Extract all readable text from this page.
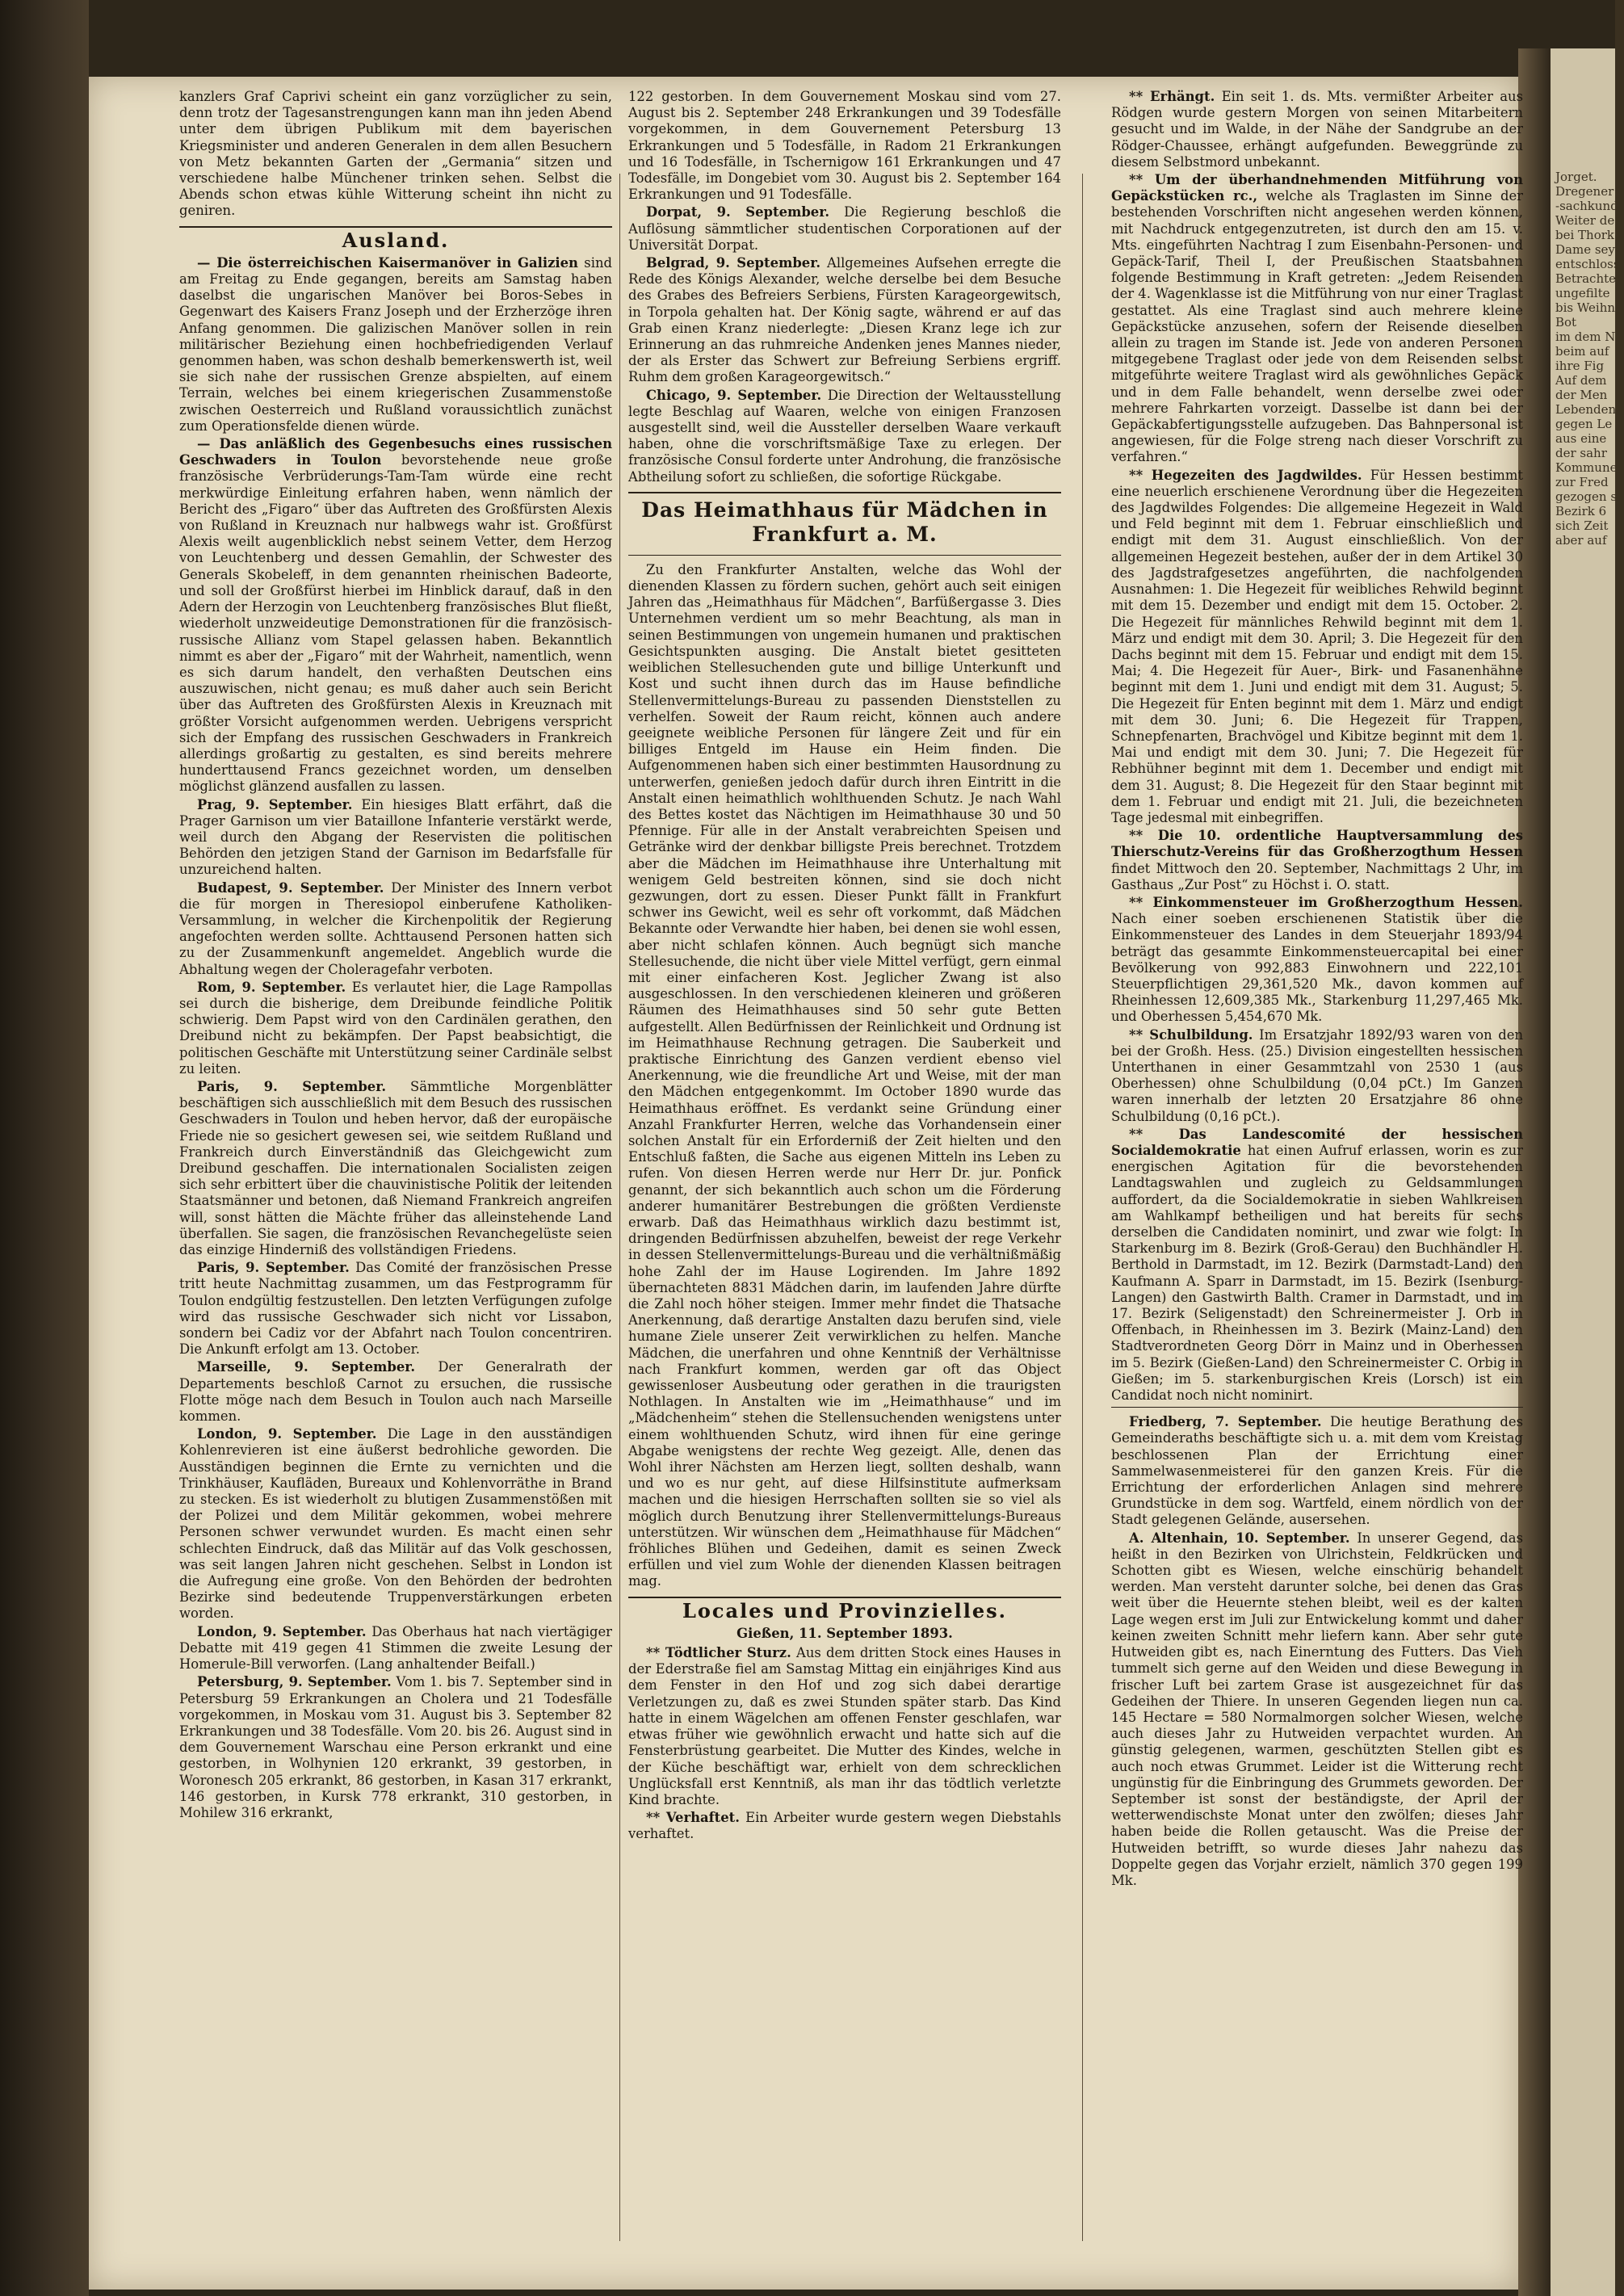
Jorget.

Dregener

-sachkund

Weiter de

bei Thork

Dame sey

entschloss

Betrachten

ungefilte

bis Weihn

Bot

im dem N

beim auf

ihre Fig

Auf dem

der Men

Lebenden

gegen Le

aus eine

der sahr

Kommune

zur Fred

gezogen s

Bezirk 6

sich Zeit

aber auf

kanzlers Graf Caprivi scheint ein ganz vorzüglicher zu sein, denn trotz der Tagesanstrengungen kann man ihn jeden Abend unter dem übrigen Publikum mit dem bayerischen Kriegsminister und anderen Generalen in dem allen Besuchern von Metz bekannten Garten der „Germania“ sitzen und verschiedene halbe Münchener trinken sehen. Selbst die Abends schon etwas kühle Witterung scheint ihn nicht zu geniren.

Ausland.

— Die österreichischen Kaisermanöver in Galizien sind am Freitag zu Ende gegangen, bereits am Samstag haben daselbst die ungarischen Manöver bei Boros-Sebes in Gegenwart des Kaisers Franz Joseph und der Erzherzöge ihren Anfang genommen. Die galizischen Manöver sollen in rein militärischer Beziehung einen hochbefriedigenden Verlauf genommen haben, was schon deshalb bemerkenswerth ist, weil sie sich nahe der russischen Grenze abspielten, auf einem Terrain, welches bei einem kriegerischen Zusammenstoße zwischen Oesterreich und Rußland voraussichtlich zunächst zum Operationsfelde dienen würde.

— Das anläßlich des Gegenbesuchs eines russischen Geschwaders in Toulon bevorstehende neue große französische Verbrüderungs-Tam-Tam würde eine recht merkwürdige Einleitung erfahren haben, wenn nämlich der Bericht des „Figaro“ über das Auftreten des Großfürsten Alexis von Rußland in Kreuznach nur halbwegs wahr ist. Großfürst Alexis weilt augenblicklich nebst seinem Vetter, dem Herzog von Leuchtenberg und dessen Gemahlin, der Schwester des Generals Skobeleff, in dem genannten rheinischen Badeorte, und soll der Großfürst hierbei im Hinblick darauf, daß in den Adern der Herzogin von Leuchtenberg französisches Blut fließt, wiederholt unzweideutige Demonstrationen für die französisch-russische Allianz vom Stapel gelassen haben. Bekanntlich nimmt es aber der „Figaro“ mit der Wahrheit, namentlich, wenn es sich darum handelt, den verhaßten Deutschen eins auszuwischen, nicht genau; es muß daher auch sein Bericht über das Auftreten des Großfürsten Alexis in Kreuznach mit größter Vorsicht aufgenommen werden. Uebrigens verspricht sich der Empfang des russischen Geschwaders in Frankreich allerdings großartig zu gestalten, es sind bereits mehrere hunderttausend Francs gezeichnet worden, um denselben möglichst glänzend ausfallen zu lassen.

Prag, 9. September. Ein hiesiges Blatt erfährt, daß die Prager Garnison um vier Bataillone Infanterie verstärkt werde, weil durch den Abgang der Reservisten die politischen Behörden den jetzigen Stand der Garnison im Bedarfsfalle für unzureichend halten.

Budapest, 9. September. Der Minister des Innern verbot die für morgen in Theresiopol einberufene Katholiken-Versammlung, in welcher die Kirchenpolitik der Regierung angefochten werden sollte. Achttausend Personen hatten sich zu der Zusammenkunft angemeldet. Angeblich wurde die Abhaltung wegen der Choleragefahr verboten.

Rom, 9. September. Es verlautet hier, die Lage Rampollas sei durch die bisherige, dem Dreibunde feindliche Politik schwierig. Dem Papst wird von den Cardinälen gerathen, den Dreibund nicht zu bekämpfen. Der Papst beabsichtigt, die politischen Geschäfte mit Unterstützung seiner Cardinäle selbst zu leiten.

Paris, 9. September. Sämmtliche Morgenblätter beschäftigen sich ausschließlich mit dem Besuch des russischen Geschwaders in Toulon und heben hervor, daß der europäische Friede nie so gesichert gewesen sei, wie seitdem Rußland und Frankreich durch Einverständniß das Gleichgewicht zum Dreibund geschaffen. Die internationalen Socialisten zeigen sich sehr erbittert über die chauvinistische Politik der leitenden Staatsmänner und betonen, daß Niemand Frankreich angreifen will, sonst hätten die Mächte früher das alleinstehende Land überfallen. Sie sagen, die französischen Revanchegelüste seien das einzige Hinderniß des vollständigen Friedens.

Paris, 9. September. Das Comité der französischen Presse tritt heute Nachmittag zusammen, um das Festprogramm für Toulon endgültig festzustellen. Den letzten Verfügungen zufolge wird das russische Geschwader sich nicht vor Lissabon, sondern bei Cadiz vor der Abfahrt nach Toulon concentriren. Die Ankunft erfolgt am 13. October.

Marseille, 9. September. Der Generalrath der Departements beschloß Carnot zu ersuchen, die russische Flotte möge nach dem Besuch in Toulon auch nach Marseille kommen.

London, 9. September. Die Lage in den ausständigen Kohlenrevieren ist eine äußerst bedrohliche geworden. Die Ausständigen beginnen die Ernte zu vernichten und die Trinkhäuser, Kaufläden, Bureaux und Kohlenvorräthe in Brand zu stecken. Es ist wiederholt zu blutigen Zusammenstößen mit der Polizei und dem Militär gekommen, wobei mehrere Personen schwer verwundet wurden. Es macht einen sehr schlechten Eindruck, daß das Militär auf das Volk geschossen, was seit langen Jahren nicht geschehen. Selbst in London ist die Aufregung eine große. Von den Behörden der bedrohten Bezirke sind bedeutende Truppenverstärkungen erbeten worden.

London, 9. September. Das Oberhaus hat nach viertägiger Debatte mit 419 gegen 41 Stimmen die zweite Lesung der Homerule-Bill verworfen. (Lang anhaltender Beifall.)

Petersburg, 9. September. Vom 1. bis 7. September sind in Petersburg 59 Erkrankungen an Cholera und 21 Todesfälle vorgekommen, in Moskau vom 31. August bis 3. September 82 Erkrankungen und 38 Todesfälle. Vom 20. bis 26. August sind in dem Gouvernement Warschau eine Person erkrankt und eine gestorben, in Wolhynien 120 erkrankt, 39 gestorben, in Woronesch 205 erkrankt, 86 gestorben, in Kasan 317 erkrankt, 146 gestorben, in Kursk 778 erkrankt, 310 gestorben, in Mohilew 316 erkrankt,

122 gestorben. In dem Gouvernement Moskau sind vom 27. August bis 2. September 248 Erkrankungen und 39 Todesfälle vorgekommen, in dem Gouvernement Petersburg 13 Erkrankungen und 5 Todesfälle, in Radom 21 Erkrankungen und 16 Todesfälle, in Tschernigow 161 Erkrankungen und 47 Todesfälle, im Dongebiet vom 30. August bis 2. September 164 Erkrankungen und 91 Todesfälle.

Dorpat, 9. September. Die Regierung beschloß die Auflösung sämmtlicher studentischen Corporationen auf der Universität Dorpat.

Belgrad, 9. September. Allgemeines Aufsehen erregte die Rede des Königs Alexander, welche derselbe bei dem Besuche des Grabes des Befreiers Serbiens, Fürsten Karageorgewitsch, in Torpola gehalten hat. Der König sagte, während er auf das Grab einen Kranz niederlegte: „Diesen Kranz lege ich zur Erinnerung an das ruhmreiche Andenken jenes Mannes nieder, der als Erster das Schwert zur Befreiung Serbiens ergriff. Ruhm dem großen Karageorgewitsch.“

Chicago, 9. September. Die Direction der Weltausstellung legte Beschlag auf Waaren, welche von einigen Franzosen ausgestellt sind, weil die Aussteller derselben Waare verkauft haben, ohne die vorschriftsmäßige Taxe zu erlegen. Der französische Consul forderte unter Androhung, die französische Abtheilung sofort zu schließen, die sofortige Rückgabe.

Das Heimathhaus für Mädchen in Frankfurt a. M.

Zu den Frankfurter Anstalten, welche das Wohl der dienenden Klassen zu fördern suchen, gehört auch seit einigen Jahren das „Heimathhaus für Mädchen“, Barfüßergasse 3. Dies Unternehmen verdient um so mehr Beachtung, als man in seinen Bestimmungen von ungemein humanen und praktischen Gesichtspunkten ausging. Die Anstalt bietet gesitteten weiblichen Stellesuchenden gute und billige Unterkunft und Kost und sucht ihnen durch das im Hause befindliche Stellenvermittelungs-Bureau zu passenden Dienststellen zu verhelfen. Soweit der Raum reicht, können auch andere geeignete weibliche Personen für längere Zeit und für ein billiges Entgeld im Hause ein Heim finden. Die Aufgenommenen haben sich einer bestimmten Hausordnung zu unterwerfen, genießen jedoch dafür durch ihren Eintritt in die Anstalt einen heimathlich wohlthuenden Schutz. Je nach Wahl des Bettes kostet das Nächtigen im Heimathhause 30 und 50 Pfennige. Für alle in der Anstalt verabreichten Speisen und Getränke wird der denkbar billigste Preis berechnet. Trotzdem aber die Mädchen im Heimathhause ihre Unterhaltung mit wenigem Geld bestreiten können, sind sie doch nicht gezwungen, dort zu essen. Dieser Punkt fällt in Frankfurt schwer ins Gewicht, weil es sehr oft vorkommt, daß Mädchen Bekannte oder Verwandte hier haben, bei denen sie wohl essen, aber nicht schlafen können. Auch begnügt sich manche Stellesuchende, die nicht über viele Mittel verfügt, gern einmal mit einer einfacheren Kost. Jeglicher Zwang ist also ausgeschlossen. In den verschiedenen kleineren und größeren Räumen des Heimathhauses sind 50 sehr gute Betten aufgestellt. Allen Bedürfnissen der Reinlichkeit und Ordnung ist im Heimathhause Rechnung getragen. Die Sauberkeit und praktische Einrichtung des Ganzen verdient ebenso viel Anerkennung, wie die freundliche Art und Weise, mit der man den Mädchen entgegenkommt. Im October 1890 wurde das Heimathhaus eröffnet. Es verdankt seine Gründung einer Anzahl Frankfurter Herren, welche das Vorhandensein einer solchen Anstalt für ein Erforderniß der Zeit hielten und den Entschluß faßten, die Sache aus eigenen Mitteln ins Leben zu rufen. Von diesen Herren werde nur Herr Dr. jur. Ponfick genannt, der sich bekanntlich auch schon um die Förderung anderer humanitärer Bestrebungen die größten Verdienste erwarb. Daß das Heimathhaus wirklich dazu bestimmt ist, dringenden Bedürfnissen abzuhelfen, beweist der rege Verkehr in dessen Stellenvermittelungs-Bureau und die verhältnißmäßig hohe Zahl der im Hause Logirenden. Im Jahre 1892 übernachteten 8831 Mädchen darin, im laufenden Jahre dürfte die Zahl noch höher steigen. Immer mehr findet die Thatsache Anerkennung, daß derartige Anstalten dazu berufen sind, viele humane Ziele unserer Zeit verwirklichen zu helfen. Manche Mädchen, die unerfahren und ohne Kenntniß der Verhältnisse nach Frankfurt kommen, werden gar oft das Object gewissenloser Ausbeutung oder gerathen in die traurigsten Nothlagen. In Anstalten wie im „Heimathhause“ und im „Mädchenheim“ stehen die Stellensuchenden wenigstens unter einem wohlthuenden Schutz, wird ihnen für eine geringe Abgabe wenigstens der rechte Weg gezeigt. Alle, denen das Wohl ihrer Nächsten am Herzen liegt, sollten deshalb, wann und wo es nur geht, auf diese Hilfsinstitute aufmerksam machen und die hiesigen Herrschaften sollten sie so viel als möglich durch Benutzung ihrer Stellenvermittelungs-Bureaus unterstützen. Wir wünschen dem „Heimathhause für Mädchen“ fröhliches Blühen und Gedeihen, damit es seinen Zweck erfüllen und viel zum Wohle der dienenden Klassen beitragen mag.

Locales und Provinzielles.
Gießen, 11. September 1893.

** Tödtlicher Sturz. Aus dem dritten Stock eines Hauses in der Ederstraße fiel am Samstag Mittag ein einjähriges Kind aus dem Fenster in den Hof und zog sich dabei derartige Verletzungen zu, daß es zwei Stunden später starb. Das Kind hatte in einem Wägelchen am offenen Fenster geschlafen, war etwas früher wie gewöhnlich erwacht und hatte sich auf die Fensterbrüstung gearbeitet. Die Mutter des Kindes, welche in der Küche beschäftigt war, erhielt von dem schrecklichen Unglücksfall erst Kenntniß, als man ihr das tödtlich verletzte Kind brachte.

** Verhaftet. Ein Arbeiter wurde gestern wegen Diebstahls verhaftet.

** Erhängt. Ein seit 1. ds. Mts. vermißter Arbeiter aus Rödgen wurde gestern Morgen von seinen Mitarbeitern gesucht und im Walde, in der Nähe der Sandgrube an der Rödger-Chaussee, erhängt aufgefunden. Beweggründe zu diesem Selbstmord unbekannt.

** Um der überhandnehmenden Mitführung von Gepäckstücken rc., welche als Traglasten im Sinne der bestehenden Vorschriften nicht angesehen werden können, mit Nachdruck entgegenzutreten, ist durch den am 15. v. Mts. eingeführten Nachtrag I zum Eisenbahn-Personen- und Gepäck-Tarif, Theil I, der Preußischen Staatsbahnen folgende Bestimmung in Kraft getreten: „Jedem Reisenden der 4. Wagenklasse ist die Mitführung von nur einer Traglast gestattet. Als eine Traglast sind auch mehrere kleine Gepäckstücke anzusehen, sofern der Reisende dieselben allein zu tragen im Stande ist. Jede von anderen Personen mitgegebene Traglast oder jede von dem Reisenden selbst mitgeführte weitere Traglast wird als gewöhnliches Gepäck und in dem Falle behandelt, wenn derselbe zwei oder mehrere Fahrkarten vorzeigt. Dasselbe ist dann bei der Gepäckabfertigungsstelle aufzugeben. Das Bahnpersonal ist angewiesen, für die Folge streng nach dieser Vorschrift zu verfahren.“

** Hegezeiten des Jagdwildes. Für Hessen bestimmt eine neuerlich erschienene Verordnung über die Hegezeiten des Jagdwildes Folgendes: Die allgemeine Hegezeit in Wald und Feld beginnt mit dem 1. Februar einschließlich und endigt mit dem 31. August einschließlich. Von der allgemeinen Hegezeit bestehen, außer der in dem Artikel 30 des Jagdstrafgesetzes angeführten, die nachfolgenden Ausnahmen: 1. Die Hegezeit für weibliches Rehwild beginnt mit dem 15. Dezember und endigt mit dem 15. October. 2. Die Hegezeit für männliches Rehwild beginnt mit dem 1. März und endigt mit dem 30. April; 3. Die Hegezeit für den Dachs beginnt mit dem 15. Februar und endigt mit dem 15. Mai; 4. Die Hegezeit für Auer-, Birk- und Fasanenhähne beginnt mit dem 1. Juni und endigt mit dem 31. August; 5. Die Hegezeit für Enten beginnt mit dem 1. März und endigt mit dem 30. Juni; 6. Die Hegezeit für Trappen, Schnepfenarten, Brachvögel und Kibitze beginnt mit dem 1. Mai und endigt mit dem 30. Juni; 7. Die Hegezeit für Rebhühner beginnt mit dem 1. December und endigt mit dem 31. August; 8. Die Hegezeit für den Staar beginnt mit dem 1. Februar und endigt mit 21. Juli, die bezeichneten Tage jedesmal mit einbegriffen.

** Die 10. ordentliche Hauptversammlung des Thierschutz-Vereins für das Großherzogthum Hessen findet Mittwoch den 20. September, Nachmittags 2 Uhr, im Gasthaus „Zur Post“ zu Höchst i. O. statt.

** Einkommensteuer im Großherzogthum Hessen. Nach einer soeben erschienenen Statistik über die Einkommensteuer des Landes in dem Steuerjahr 1893/94 beträgt das gesammte Einkommensteuercapital bei einer Bevölkerung von 992,883 Einwohnern und 222,101 Steuerpflichtigen 29,361,520 Mk., davon kommen auf Rheinhessen 12,609,385 Mk., Starkenburg 11,297,465 Mk. und Oberhessen 5,454,670 Mk.

** Schulbildung. Im Ersatzjahr 1892/93 waren von den bei der Großh. Hess. (25.) Division eingestellten hessischen Unterthanen in einer Gesammtzahl von 2530 1 (aus Oberhessen) ohne Schulbildung (0,04 pCt.) Im Ganzen waren innerhalb der letzten 20 Ersatzjahre 86 ohne Schulbildung (0,16 pCt.).

** Das Landescomité der hessischen Socialdemokratie hat einen Aufruf erlassen, worin es zur energischen Agitation für die bevorstehenden Landtagswahlen und zugleich zu Geldsammlungen auffordert, da die Socialdemokratie in sieben Wahlkreisen am Wahlkampf betheiligen und hat bereits für sechs derselben die Candidaten nominirt, und zwar wie folgt: In Starkenburg im 8. Bezirk (Groß-Gerau) den Buchhändler H. Berthold in Darmstadt, im 12. Bezirk (Darmstadt-Land) den Kaufmann A. Sparr in Darmstadt, im 15. Bezirk (Isenburg-Langen) den Gastwirth Balth. Cramer in Darmstadt, und im 17. Bezirk (Seligenstadt) den Schreinermeister J. Orb in Offenbach, in Rheinhessen im 3. Bezirk (Mainz-Land) den Stadtverordneten Georg Dörr in Mainz und in Oberhessen im 5. Bezirk (Gießen-Land) den Schreinermeister C. Orbig in Gießen; im 5. starkenburgischen Kreis (Lorsch) ist ein Candidat noch nicht nominirt.

Friedberg, 7. September. Die heutige Berathung des Gemeinderaths beschäftigte sich u. a. mit dem vom Kreistag beschlossenen Plan der Errichtung einer Sammelwasenmeisterei für den ganzen Kreis. Für die Errichtung der erforderlichen Anlagen sind mehrere Grundstücke in dem sog. Wartfeld, einem nördlich von der Stadt gelegenen Gelände, ausersehen.

A. Altenhain, 10. September. In unserer Gegend, das heißt in den Bezirken von Ulrichstein, Feldkrücken und Schotten gibt es Wiesen, welche einschürig behandelt werden. Man versteht darunter solche, bei denen das Gras weit über die Heuernte stehen bleibt, weil es der kalten Lage wegen erst im Juli zur Entwickelung kommt und daher keinen zweiten Schnitt mehr liefern kann. Aber sehr gute Hutweiden gibt es, nach Einerntung des Futters. Das Vieh tummelt sich gerne auf den Weiden und diese Bewegung in frischer Luft bei zartem Grase ist ausgezeichnet für das Gedeihen der Thiere. In unseren Gegenden liegen nun ca. 145 Hectare = 580 Normalmorgen solcher Wiesen, welche auch dieses Jahr zu Hutweiden verpachtet wurden. An günstig gelegenen, warmen, geschützten Stellen gibt es auch noch etwas Grummet. Leider ist die Witterung recht ungünstig für die Einbringung des Grummets geworden. Der September ist sonst der beständigste, der April der wetterwendischste Monat unter den zwölfen; dieses Jahr haben beide die Rollen getauscht. Was die Preise der Hutweiden betrifft, so wurde dieses Jahr nahezu das Doppelte gegen das Vorjahr erzielt, nämlich 370 gegen 199 Mk.
